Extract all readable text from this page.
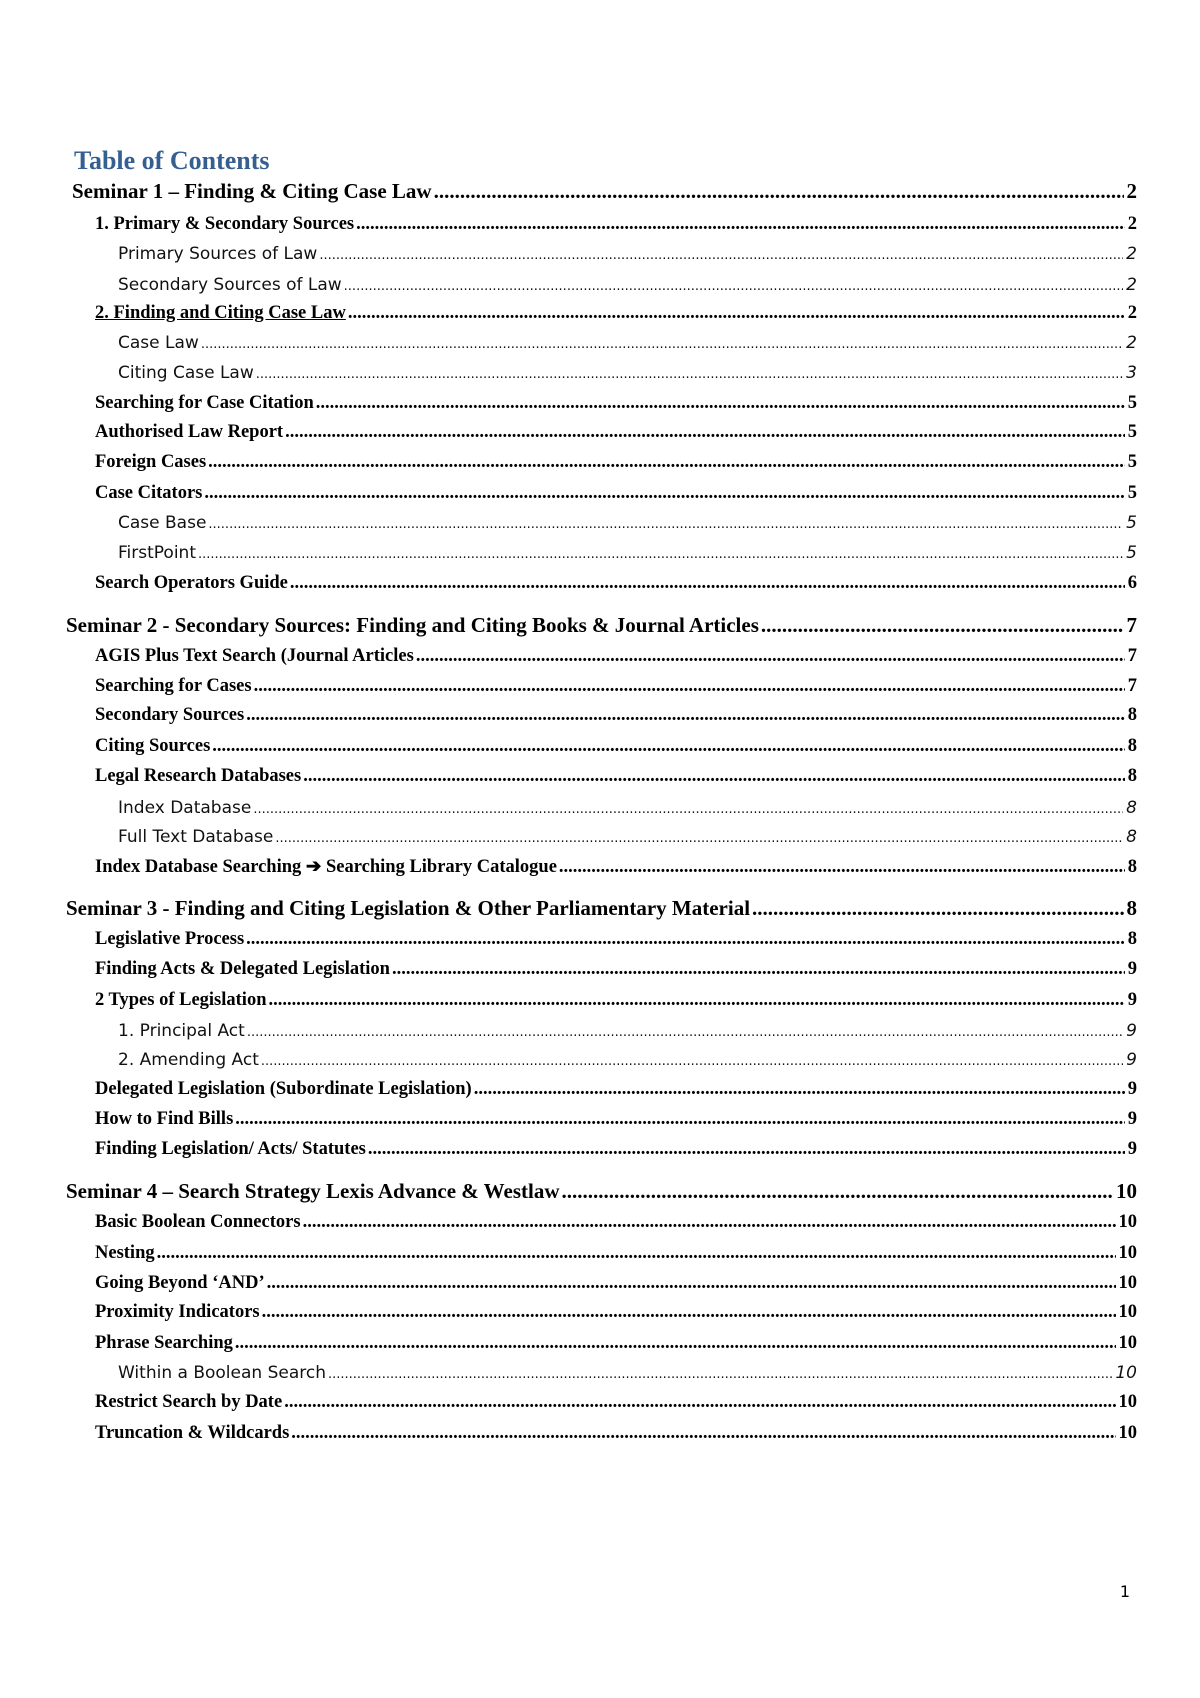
Table of Contents
Seminar 1 – Finding & Citing Case Law .....	2
1. Primary & Secondary Sources .....	2
Primary Sources of Law .....	2
Secondary Sources of Law .....	2
2. Finding and Citing Case Law .....	2
Case Law .....	2
Citing Case Law .....	3
Searching for Case Citation .....	5
Authorised Law Report .....	5
Foreign Cases .....	5
Case Citators .....	5
Case Base .....	5
FirstPoint .....	5
Search Operators Guide .....	6
Seminar 2 - Secondary Sources: Finding and Citing Books & Journal Articles .....	7
AGIS Plus Text Search (Journal Articles .....	7
Searching for Cases .....	7
Secondary Sources .....	8
Citing Sources .....	8
Legal Research Databases .....	8
Index Database .....	8
Full Text Database .....	8
Index Database Searching ➔ Searching Library Catalogue .....	8
Seminar 3 - Finding and Citing Legislation & Other Parliamentary Material .....	8
Legislative Process .....	8
Finding Acts & Delegated Legislation .....	9
2 Types of Legislation .....	9
1. Principal Act .....	9
2. Amending Act .....	9
Delegated Legislation (Subordinate Legislation) .....	9
How to Find Bills .....	9
Finding Legislation/ Acts/ Statutes .....	9
Seminar 4 – Search Strategy Lexis Advance & Westlaw .....	10
Basic Boolean Connectors .....	10
Nesting .....	10
Going Beyond ‘AND’ .....	10
Proximity Indicators .....	10
Phrase Searching .....	10
Within a Boolean Search .....	10
Restrict Search by Date .....	10
Truncation & Wildcards .....	10
1
